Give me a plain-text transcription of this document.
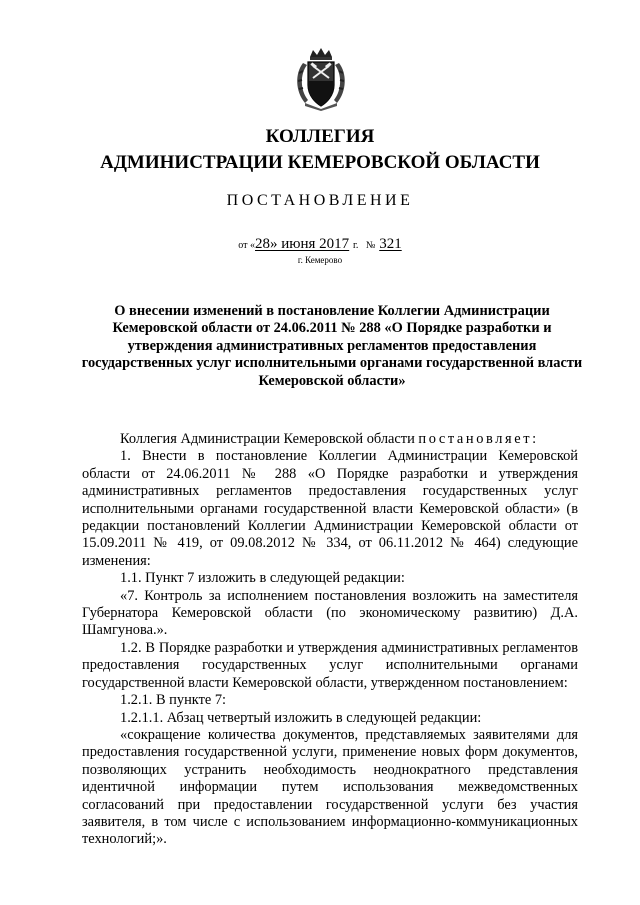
КОЛЛЕГИЯ
АДМИНИСТРАЦИИ КЕМЕРОВСКОЙ ОБЛАСТИ
ПОСТАНОВЛЕНИЕ
от «28» июня 2017 г. № 321
г. Кемерово
О внесении изменений в постановление Коллегии Администрации Кемеровской области от 24.06.2011 № 288 «О Порядке разработки и утверждения административных регламентов предоставления государственных услуг исполнительными органами государственной власти Кемеровской области»

Коллегия Администрации Кемеровской области постановляет:

1. Внести в постановление Коллегии Администрации Кемеровской области от 24.06.2011 № 288 «О Порядке разработки и утверждения административных регламентов предоставления государственных услуг исполнительными органами государственной власти Кемеровской области» (в редакции постановлений Коллегии Администрации Кемеровской области от 15.09.2011 № 419, от 09.08.2012 № 334, от 06.11.2012 № 464) следующие изменения:

1.1. Пункт 7 изложить в следующей редакции:

«7. Контроль за исполнением постановления возложить на заместителя Губернатора Кемеровской области (по экономическому развитию) Д.А. Шамгунова.».

1.2. В Порядке разработки и утверждения административных регламентов предоставления государственных услуг исполнительными органами государственной власти Кемеровской области, утвержденном постановлением:

1.2.1. В пункте 7:

1.2.1.1. Абзац четвертый изложить в следующей редакции:

«сокращение количества документов, представляемых заявителями для предоставления государственной услуги, применение новых форм документов, позволяющих устранить необходимость неоднократного представления идентичной информации путем использования межведомственных согласований при предоставлении государственной услуги без участия заявителя, в том числе с использованием информационно-коммуникационных технологий;».
